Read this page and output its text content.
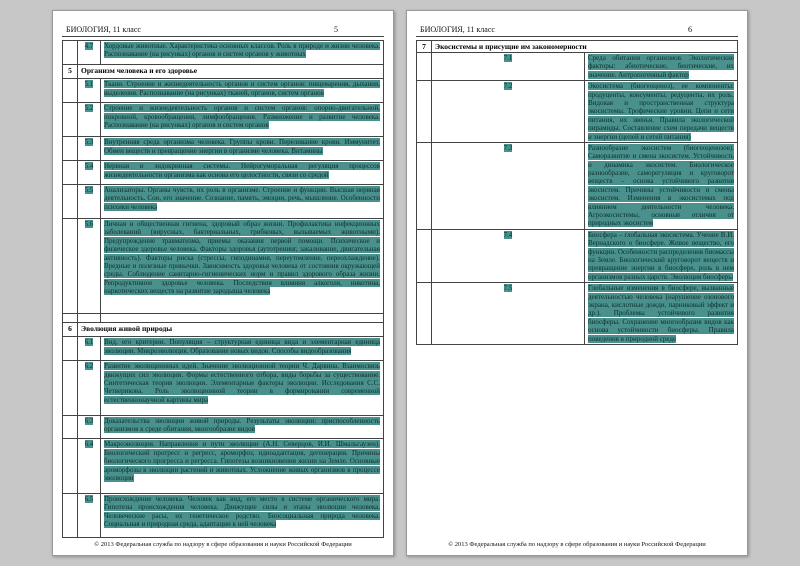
БИОЛОГИЯ, 11 класс	5
	4.7	Хордовые животные. Характеристика основных классов. Роль в природе и жизни человека. Распознавание (на рисунках) органов и систем органов у животных
5	Организм человека и его здоровье	
	5.1	Ткани. Строение и жизнедеятельность органов и систем органов: пищеварения, дыхания, выделения. Распознавание (на рисунках) тканей, органов, систем органов
	5.2	Строение и жизнедеятельность органов и систем органов: опорно-двигательной, покровной, кровообращения, лимфообращения. Размножение и развитие человека. Распознавание (на рисунках) органов и систем органов
	5.3	Внутренняя среда организма человека. Группы крови. Переливание крови. Иммунитет. Обмен веществ и превращение энергии в организме человека. Витамины
	5.4	Нервная и эндокринная системы. Нейрогуморальная регуляция процессов жизнедеятельности организма как основа его целостности, связи со средой
	5.5	Анализаторы. Органы чувств, их роль в организме. Строение и функции. Высшая нервная деятельность. Сон, его значение. Сознание, память, эмоции, речь, мышление. Особенности психики человека
	5.6	Личная и общественная гигиена, здоровый образ жизни. Профилактика инфекционных заболеваний (вирусных, бактериальных, грибковых, вызываемых животными). Предупреждение травматизма, приемы оказания первой помощи. Психическое и физическое здоровье человека. Факторы здоровья (аутотренинг, закаливание, двигательная активность). Факторы риска (стрессы, гиподинамия, переутомление, переохлаждение). Вредные и полезные привычки. Зависимость здоровья человека от состояния окружающей среды. Соблюдение санитарно-гигиенических норм и правил здорового образа жизни. Репродуктивное здоровье человека. Последствия влияния алкоголя, никотина, наркотических веществ на развитие зародыша человека

6	Эволюция живой природы	
	6.1	Вид, его критерии. Популяция – структурная единица вида и элементарная единица эволюции. Микроэволюция. Образование новых видов. Способы видообразования
	6.2	Развитие эволюционных идей. Значение эволюционной теории Ч. Дарвина. Взаимосвязь движущих сил эволюции. Формы естественного отбора, виды борьбы за существование. Синтетическая теория эволюции. Элементарные факторы эволюции. Исследования С.С. Четверикова. Роль эволюционной теории в формировании современной естественнонаучной картины мира
	6.3	Доказательства эволюции живой природы. Результаты эволюции: приспособленность организмов к среде обитания, многообразие видов
	6.4	Макроэволюция. Направления и пути эволюции (А.Н. Северцов, И.И. Шмальгаузен). Биологический прогресс и регресс, ароморфоз, идиоадаптация, дегенерация. Причины биологического прогресса и регресса. Гипотезы возникновения жизни на Земле. Основные ароморфозы в эволюции растений и животных. Усложнение живых организмов в процессе эволюции
	6.5	Происхождение человека. Человек как вид, его место в системе органического мира. Гипотезы происхождения человека. Движущие силы и этапы эволюции человека. Человеческие расы, их генетическое родство. Биосоциальная природа человека. Социальная и природная среда, адаптации к ней человека
© 2013 Федеральная служба по надзору в сфере образования и науки Российской Федерации
БИОЛОГИЯ, 11 класс	6
7	Экосистемы и присущие им закономерности	
	7.1	Среда обитания организмов. Экологические факторы: абиотические, биотические, их значение. Антропогенный фактор
	7.2	Экосистема (биогеоценоз), ее компоненты: продуценты, консументы, редуценты, их роль. Видовая и пространственная структура экосистемы. Трофические уровни. Цепи и сети питания, их звенья. Правила экологической пирамиды. Составление схем передачи веществ и энергии (цепей и сетей питания)
	7.3	Разнообразие экосистем (биогеоценозов). Саморазвитие и смена экосистем. Устойчивость и динамика экосистем. Биологическое разнообразие, саморегуляция и круговорот веществ – основа устойчивого развития экосистем. Причины устойчивости и смены экосистем. Изменения в экосистемах под влиянием деятельности человека. Агроэкосистемы, основные отличия от природных экосистем
	7.4	Биосфера – глобальная экосистема. Учение В.И. Вернадского о биосфере. Живое вещество, его функции. Особенности распределения биомассы на Земле. Биологический круговорот веществ и превращение энергии в биосфере, роль в нем организмов разных царств. Эволюция биосферы
	7.5	Глобальные изменения в биосфере, вызванные деятельностью человека (нарушение озонового экрана, кислотные дожди, парниковый эффект и др.). Проблемы устойчивого развития биосферы. Сохранение многообразия видов как основа устойчивости биосферы. Правила поведения в природной среде
© 2013 Федеральная служба по надзору в сфере образования и науки Российской Федерации
